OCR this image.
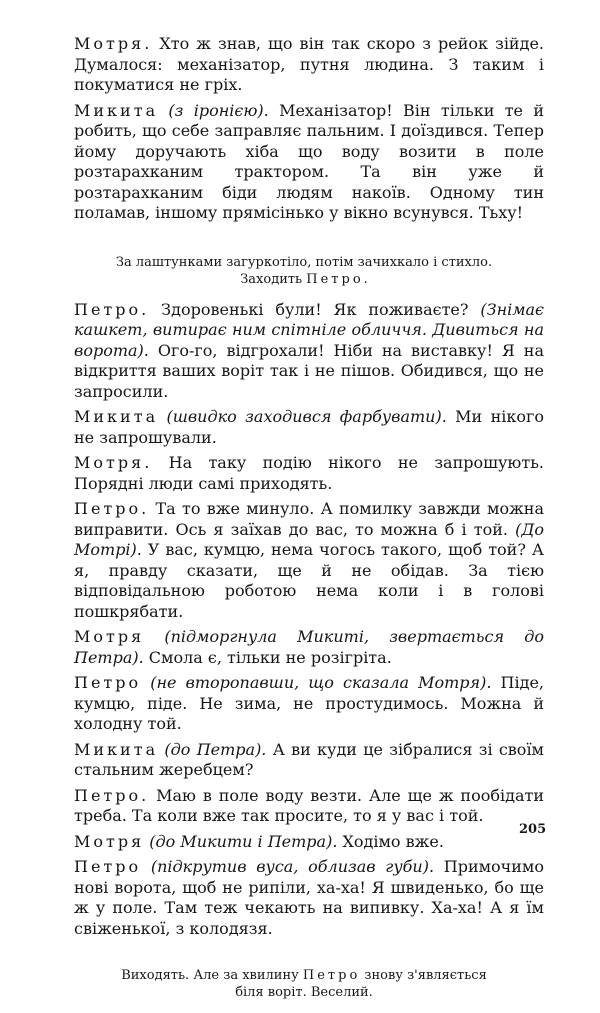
Мотря. Хто ж знав, що він так скоро з рейок зійде. Думалося: механізатор, путня людина. З таким і покуматися не гріх.

Микита (з іронією). Механізатор! Він тільки те й робить, що себе заправляє пальним. І доїздився. Тепер йому доручають хіба що воду возити в поле розтарахканим трактором. Та він уже й розтарахканим біди людям накоїв. Одному тин поламав, іншому прямісінько у вікно всунувся. Тьху!

За лаштунками загуркотіло, потім зачихкало і стихло.
Заходить Петро.

Петро. Здоровенькі були! Як поживаєте? (Знімає кашкет, витирає ним спітніле обличчя. Дивиться на ворота). Ого-го, відгрохали! Ніби на виставку! Я на відкриття ваших воріт так і не пішов. Обидився, що не запросили.

Микита (швидко заходився фарбувати). Ми нікого не запрошували.

Мотря. На таку подію нікого не запрошують. Порядні люди самі приходять.

Петро. Та то вже минуло. А помилку завжди можна виправити. Ось я заїхав до вас, то можна б і той. (До Мотрі). У вас, кумцю, нема чогось такого, щоб той? А я, правду сказати, ще й не обідав. За тією відповідальною роботою нема коли і в голові пошкрябати.

Мотря (підморгнула Микиті, звертається до Петра). Смола є, тільки не розігріта.

Петро (не второпавши, що сказала Мотря). Піде, кумцю, піде. Не зима, не простудимось. Можна й холодну той.

Микита (до Петра). А ви куди це зібралися зі своїм стальним жеребцем?

Петро. Маю в поле воду везти. Але ще ж пообідати треба. Та коли вже так просите, то я у вас і той.

Мотря (до Микити і Петра). Ходімо вже.

Петро (підкрутив вуса, облизав губи). Примочимо нові ворота, щоб не рипіли, ха-ха! Я швиденько, бо ще ж у поле. Там теж чекають на випивку. Ха-ха! А я їм свіженької, з колодязя.

Виходять. Але за хвилину Петро знову з'являється
біля воріт. Веселий.
205
